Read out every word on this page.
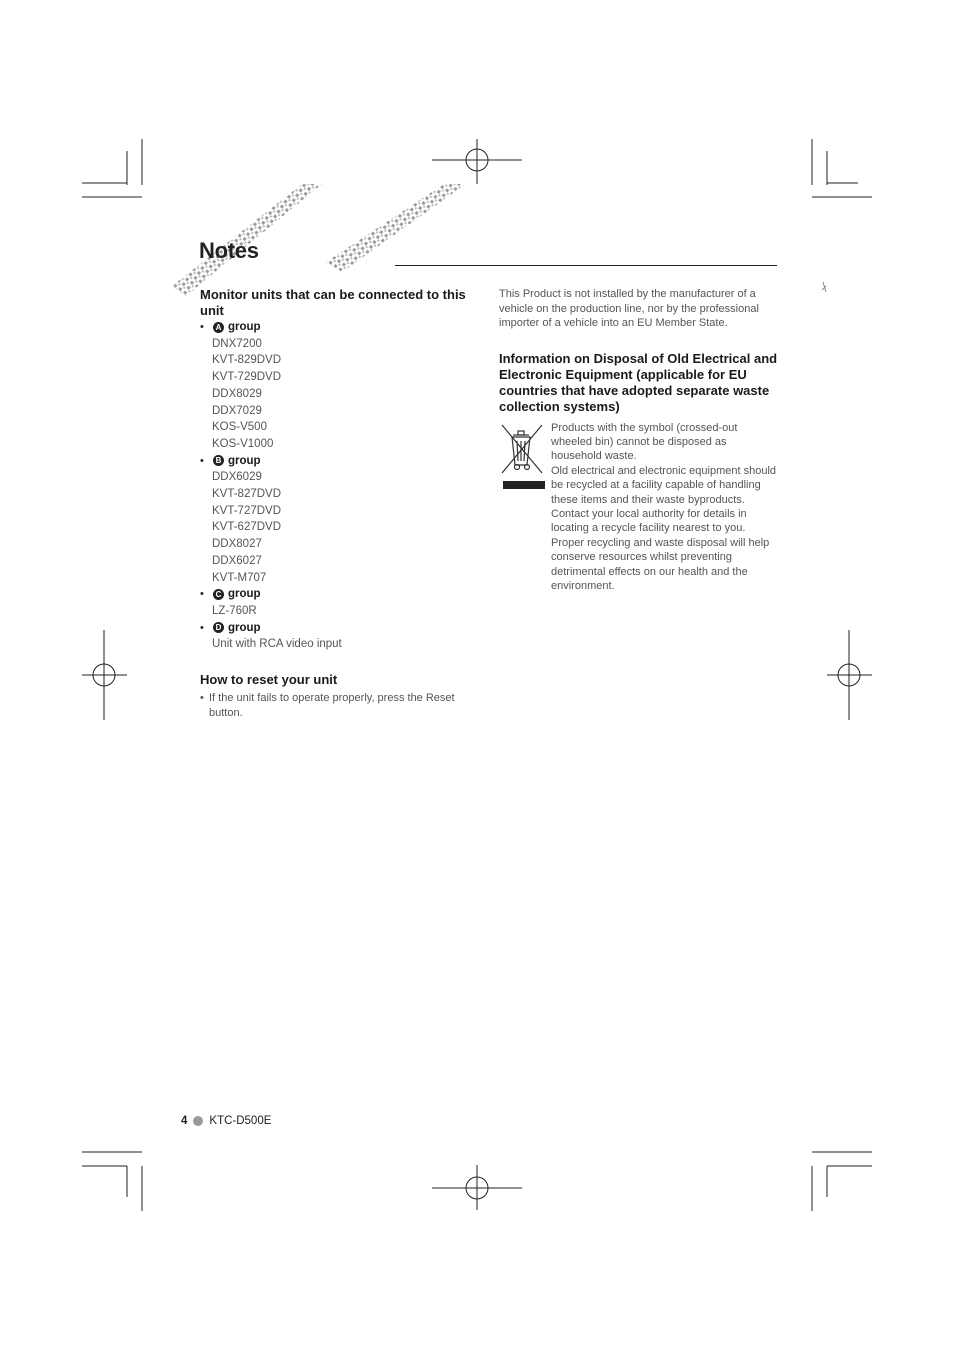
Notes
Monitor units that can be connected to this unit
•	A group
DNX7200
KVT-829DVD
KVT-729DVD
DDX8029
DDX7029
KOS-V500
KOS-V1000
•	B group
DDX6029
KVT-827DVD
KVT-727DVD
KVT-627DVD
DDX8027
DDX6027
KVT-M707
•	C group
LZ-760R
•	D group
Unit with RCA video input
How to reset your unit
• If the unit fails to operate properly, press the Reset button.
This Product is not installed by the manufacturer of a vehicle on the production line, nor by the professional importer of a vehicle into an EU Member State.
Information on Disposal of Old Electrical and Electronic Equipment (applicable for EU countries that have adopted separate waste collection systems)
Products with the symbol (crossed-out wheeled bin) cannot be disposed as household waste.
Old electrical and electronic equipment should be recycled at a facility capable of handling these items and their waste byproducts. Contact your local authority for details in locating a recycle facility nearest to you. Proper recycling and waste disposal will help conserve resources whilst preventing detrimental effects on our health and the environment.
4 KTC-D500E
